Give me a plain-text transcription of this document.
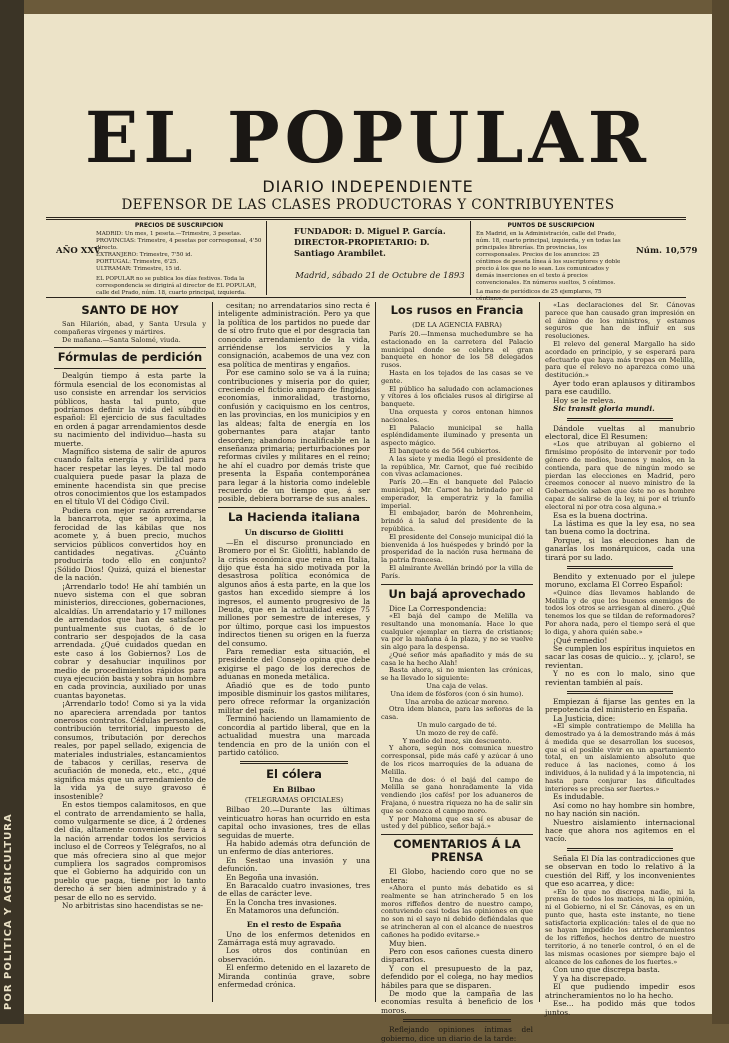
POR POLITICA Y AGRICULTURA
EL POPULAR
DIARIO INDEPENDIENTE
DEFENSOR DE LAS CLASES PRODUCTORAS Y CONTRIBUYENTES
AÑO XXV
PRECIOS DE SUSCRIPCION
MADRID: Un mes, 1 peseta.—Trimestre, 3 pesetas.
PROVINCIAS: Trimestre, 4 pesetas por corresponsal, 4'50 directo.
EXTRANJERO: Trimestre, 7'50 id.
PORTUGAL: Trimestre, 6'25.
ULTRAMAR: Trimestre, 15 id.
EL POPULAR no se publica los días festivos. Toda la correspondencia se dirigirá al director de EL POPULAR, calle del Prado, núm. 18, cuarto principal, izquierda.
FUNDADOR: D. Miguel P. García.
DIRECTOR-PROPIETARIO: D. Santiago Arambilet.
Madrid, sábado 21 de Octubre de 1893
PUNTOS DE SUSCRIPCION
En Madrid, en la Administración, calle del Prado, núm. 18, cuarto principal, izquierda, y en todas las principales librerías. En provincias, los corresponsales. Precios de los anuncios: 25 céntimos de peseta línea á los suscriptores y doble precio á los que no lo sean. Los comunicados y demás inserciones en el texto á precios convencionales. En números sueltos, 5 céntimos.
La mano de periódicos de 25 ejemplares, 75 céntimos.
Núm. 10,579
SANTO DE HOY

San Hilarión, abad, y Santa Ursula y compañeras vírgenes y mártires.

De mañana.—Santa Salomé, viuda.

Fórmulas de perdición

Dealgún tiempo á esta parte la fórmula esencial de los economistas al uso consiste en arrendar los servicios públicos, hasta tal punto, que podríamos definir la vida del súbdito español: El ejercicio de sus facultades en orden á pagar arrendamientos desde su nacimiento del individuo—hasta su muerte.

Magnífico sistema de salir de apuros cuando falta energía y virilidad para hacer respetar las leyes. De tal modo cualquiera puede pasar la plaza de eminente hacendista sin que precise otros conocimientos que los estampados en el título VI del Código Civil.

Pudiera con mejor razón arrendarse la bancarrota, que se aproxima, la ferocidad de las kábilas que nos acomete y, á buen precio, muchos servicios públicos convertidos hoy en cantidades negativas. ¿Cuánto produciría todo ello en conjunto? ¡Sólido Dios! Quizá, quizá el bienestar de la nación.

¡Arrendarlo todo! He ahí también un nuevo sistema con el que sobran ministerios, direcciones, gobernaciones, alcaldías. Un arrendatario y 17 millones de arrendados que han de satisfacer puntualmente sus cuotas, ó de lo contrario ser despojados de la casa arrendada. ¿Qué cuidados quedan en este caso á los Gobiernos? Los de cobrar y desahuciar inquilinos por medio de procedimientos rápidos para cuya ejecución basta y sobra un hombre en cada provincia, auxiliado por unas cuantas bayonetas.

¡Arrendarlo todo! Como si ya la vida no apareciera arrendada por tantos onerosos contratos. Cédulas personales, contribución territorial, impuesto de consumos, tributación por derechos reales, por papel sellado, exigencia de materiales industriales, estancamientos de tabacos y cerillas, reserva de acuñación de moneda, etc., etc., ¿qué significa más que un arrendamiento de la vida ya de suyo gravoso é insostenible?

En estos tiempos calamitosos, en que el contrato de arrendamiento se halla, como vulgarmente se dice, á 2 órdenes del día, altamente conveniente fuera á la nación arrendar todos los servicios incluso el de Correos y Telégrafos, no al que más ofreciera sino al que mejor cumpliera los sagrados compromisos que el Gobierno ha adquirido con un pueblo que paga, tiene por lo tanto derecho á ser bien administrado y á pesar de ello no es servido.

No arbitristas sino hacendistas se ne-

cesitan; no arrendatarios sino recta é inteligente administración. Pero ya que la política de los partidos no puede dar de sí otro fruto que el por desgracia tan conocido arrendamiento de la vida, arriéndense los servicios y la consignación, acabemos de una vez con esa política de mentiras y engaños.

Por ese camino solo se va á la ruina; contribuciones y miseria por do quier, creciendo el ficticio amparo de fingidas economías, inmoralidad, trastorno, confusión y caciquismo en los centros, en las provincias, en los municipios y en las aldeas; falta de energía en los gobernantes para atajar tanto desorden; abandono incalificable en la enseñanza primaria; perturbaciones por reformas civiles y militares en el reino; he ahí el cuadro por demás triste que presenta la España contemporánea para legar á la historia como indeleble recuerdo de un tiempo que, á ser posible, debiera borrarse de sus anales.

La Hacienda italiana
Un discurso de Giolitti

—En el discurso pronunciado en Bromero por el Sr. Giolitti, hablando de la crisis económica que reina en Italia, dijo que ésta ha sido motivada por la desastrosa política económica de algunos años á esta parte, en la que los gastos han excedido siempre á los ingresos, el aumento progresivo de la Deuda, que en la actualidad exige 75 millones por semestre de intereses, y por último, porque casi los impuestos indirectos tienen su origen en la fuerza del consumo.

Para remediar esta situación, el presidente del Consejo opina que debe exigirse el pago de los derechos de aduanas en moneda metálica.

Añadió que es de todo punto imposible disminuir los gastos militares, pero ofrece reformar la organización militar del país.

Terminó haciendo un llamamiento de concordia al partido liberal, que en la actualidad muestra una marcada tendencia en pro de la unión con el partido católico.

El cólera
En Bilbao
(TELEGRAMAS OFICIALES)

Bilbao 20.—Durante las últimas veinticuatro horas han ocurrido en esta capital ocho invasiones, tres de ellas seguidas de muerte.

Ha habido además otra defunción de un enfermo de días anteriores.

En Sestao una invasión y una defunción.

En Begoña una invasión.

En Baracaldo cuatro invasiones, tres de ellas de carácter leve.

En la Concha tres invasiones.

En Matamoros una defunción.

En el resto de España

Uno de los enfermos detenidos en Zamárraga está muy agravado.

Los otros dos continúan en observación.

El enfermo detenido en el lazareto de Miranda continúa grave, sobre enfermedad crónica.

Los rusos en Francia
(DE LA AGENCIA FABRA)

París 20.—Inmensa muchedumbre se ha estacionado en la carretera del Palacio municipal donde se celebra el gran banquete en honor de los 58 delegados rusos.

Hasta en los tejados de las casas se ve gente.

El público ha saludado con aclamaciones y vítores á los oficiales rusos al dirigirse al banquete.

Una orquesta y coros entonan himnos nacionales.

El Palacio municipal se halla espléndidamente iluminado y presenta un aspecto mágico.

El banquete es de 564 cubiertos.

A las siete y media llegó el presidente de la república, Mr. Carnot, que fué recibido con vivas aclamaciones.

París 20.—En el banquete del Palacio municipal, Mr. Carnot ha brindado por el emperador, la emperatriz y la familia imperial.

El embajador, barón de Mohrenheim, brindó á la salud del presidente de la república.

El presidente del Consejo municipal dió la bienvenida á los huéspedes y brindó por la prosperidad de la nación rusa hermana de la patria francesa.

El almirante Avellán brindó por la villa de París.

Un bajá aprovechado

Dice La Correspondencia:

«El bajá del campo de Melilla va resultando una monomanía. Hace lo que cualquier ejemplar en tierra de cristianos; va por la mañana á la plaza, y no se vuelve sin algo para la despensa.

¿Qué señor más apañadito y más de su casa le ha hecho Alah!

Basta ahora, si no mienten las crónicas, se ha llevado lo siguiente:

Una caja de velas.

Una idem de fósforos (con ó sin humo).

Una arroba de azúcar moreno.

Otra idem blanca, para las señoras de la casa.

Un mulo cargado de té.

Un mozo de rey de café.

Y medio del moz, sin descuento.

Y ahora, según nos comunica nuestro corresponsal, pide más café y azúcar á uno de los ricos marroquíes de la aduana de Melilla.

Una de dos: ó el bajá del campo de Melilla se gana honradamente la vida vendiendo ¡los cafés! por los aduaneros de Frajana, ó nuestra riqueza no ha de salir sin que se conozca el campo moro.

Y por Mahoma que esa sí es abusar de usted y del público, señor bajá.»

COMENTARIOS Á LA PRENSA

El Globo, haciendo coro que no se entera:

«Ahora el punto más debatido es si realmente se han atrincherado 5 en los moros riffeños dentro de nuestro campo, contuviendo casi todas las opiniones en que no son ni el sayo ni debido defiéndalas que se atrincheran al con el alcance de nuestros cañones ha podido evitarse.»

Muy bien.

Pero con esos cañones cuesta dinero dispararlos.

Y con el presupuesto de la paz, defendido por el colega, no hay medios hábiles para que se disparen.

De modo que la campaña de las economías resulta á beneficio de los moros.

Reflejando opiniones íntimas del gobierno, dice un diario de la tarde:

«Las declaraciones del Sr. Cánovas parece que han causado gran impresión en el ánimo de los ministros, y estamos seguros que han de influir en sus resoluciones.

El relevo del general Margallo ha sido acordado en principio, y se esperará para efectuarlo que haya más tropas en Melilla, para que el relevo no aparezca como una destitución.»

Ayer todo eran aplausos y ditirambos para ese caudillo.

Hoy se le releva.

Sic transit gloria mundi.

Dándole vueltas al manubrio electoral, dice El Resumen:

«Los que atribuyan al gobierno el firmísimo propósito de intervenir por todo género de medios, buenos y malos, en la contienda, para que de ningún modo se pierdan las elecciones en Madrid, pero creemos conocer al nuevo ministro de la Gobernación saben que éste no es hombre capaz de salirse de la ley, ni por el triunfo electoral ni por otra cosa alguna.»

Esa es la buena doctrina.

La lástima es que la ley esa, no sea tan buena como la doctrina.

Porque, si las elecciones han de ganarlas los monárquicos, cada una tirará por su lado.

Bendito y extenuado por el julepe moruno, exclama El Correo Español:

«Quince días llevamos hablando de Melilla y de que los buenos enemigos de todos los otros se arriesgan al dinero. ¿Qué tenemos los que se tildan de reformadores? Por ahora nada, pero el tiempo será el que lo diga, y ahora quién sabe.»

¡Qué remedio!

Se cumplen los espíritus inquietos en sacar las cosas de quicio... y, ¡claro!, se revientan.

Y no es con lo malo, sino que revientan también al país.

Empiezan á fijarse las gentes en la prepotencia del ministerio en España.

La Justicia, dice:

«El simple contratiempo de Melilla ha demostrado ya á la demostrando más á más á medida que se desarrollan los sucesos, que si el posible vivir en un apartamiento total, en un aislamiento absoluto que reduce á las naciones, como á los individuos, á la nulidad y á la impotencia, ni hasta para conjurar las dificultades interiores se precisa ser fuertes.»

Es indudable.

Así como no hay hombre sin hombre, no hay nación sin nación.

Nuestro aislamiento internacional hace que ahora nos agitemos en el vacío.

Señala El Día las contradicciones que se observan en todo lo relativo á la cuestión del Riff, y los inconvenientes que eso acarrea, y dice:

«En lo que no discrepa nadie, ni la prensa de todos los matices, ni la opinión, ni el Gobierno, ni el Sr. Cánovas, es en un punto que, hasta este instante, no tiene satisfactoria explicación: tales el de que no se hayan impedido los atrincheramientos de los riffeños, hechos dentro de nuestro territorio, á no tenerle control, ó en el de las mismas ocasiones por siempre bajo el alcance de los cañones de los fuertes.»

Con uno que discrepa basta.

Y ya ha discrepado.

El que pudiendo impedir esos atrincheramientos no lo ha hecho.

Ese... ha podido más que todos juntos.
